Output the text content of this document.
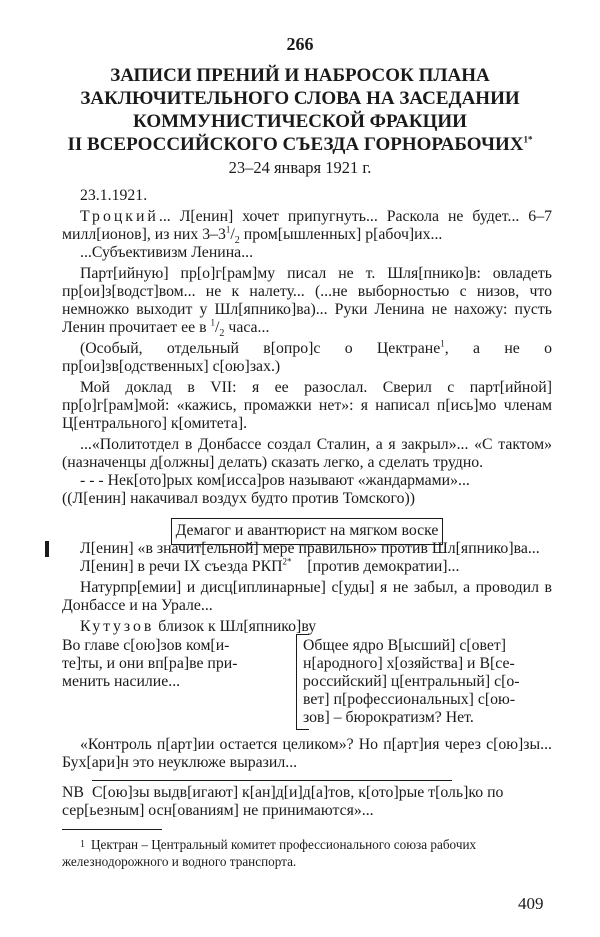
266
ЗАПИСИ ПРЕНИЙ И НАБРОСОК ПЛАНА
ЗАКЛЮЧИТЕЛЬНОГО СЛОВА НА ЗАСЕДАНИИ
КОММУНИСТИЧЕСКОЙ ФРАКЦИИ
II ВСЕРОССИЙСКОГО СЪЕЗДА $ГОРНОРАБОЧИХ^{1*}$
23–24 января 1921 г.
23.1.1921.
Троцкий... Л[енин] хочет припугнуть... Раскола не будет... 6–7 милл[ионов], из них $3-3^1/_2$ пром[ышленных] р[абоч]их...
...Субъективизм Ленина...
Парт[ийную] пр[о]г[рам]му писал не т. Шля[пнико]в: овладеть пр[ои]з[водст]вом... не к налету... (...не выборностью с низов, что немножко выходит у Шл[япнико]ва)... Руки Ленина не нахожу: пусть Ленин прочитает ее в $^1/_2$ часа...
(Особый, отдельный в[опро]с о Цектране$^1$, а не о пр[ои]зв[одственных] с[ою]зах.)
Мой доклад в VII: я ее разослал. Сверил с парт[ийной] пр[о]г[рам]мой: «кажись, промажки нет»: я написал п[ись]мо членам Ц[ентрального] к[омитета].
...«Политотдел в Донбассе создал Сталин, а я закрыл»... «С тактом» (назначенцы д[олжны] делать) сказать легко, а сделать трудно.
- - - Нек[ото]рых ком[исса]ров называют «жандармами»...
((Л[енин] накачивал воздух будто против Томского))
Демагог и авантюрист на мягком воске
Л[енин] «в значит[ельной] мере правильно» против Шл[япнико]ва...
Л[енин] в речи IX съезда $РКП^{2*}$ [против демократии]...
Натурпр[емии] и дисц[иплинарные] с[уды] я не забыл, а проводил в Донбассе и на Урале...
Кутузов близок к Шл[япнико]ву
Во главе с[ою]зов ком[и-
те]ты, и они вп[ра]ве при-
менить насилие...
Общее ядро В[ысший] с[овет]
н[ародного] х[озяйства] и В[се-
российский] ц[ентральный] с[о-
вет] п[рофессиональных] с[ою-
зов] – бюрократизм? Нет.
«Контроль п[арт]ии остается целиком»? Но п[арт]ия через с[ою]зы... Бух[ари]н это неуклюже выразил...
NB С[ою]зы выдв[игают] к[ан]д[и]д[а]тов, к[ото]рые т[оль]ко по
сер[ьезным] осн[ованиям] не принимаются»...
$^1$ Цектран – Центральный комитет профессионального союза рабочих
железнодорожного и водного транспорта.
409
